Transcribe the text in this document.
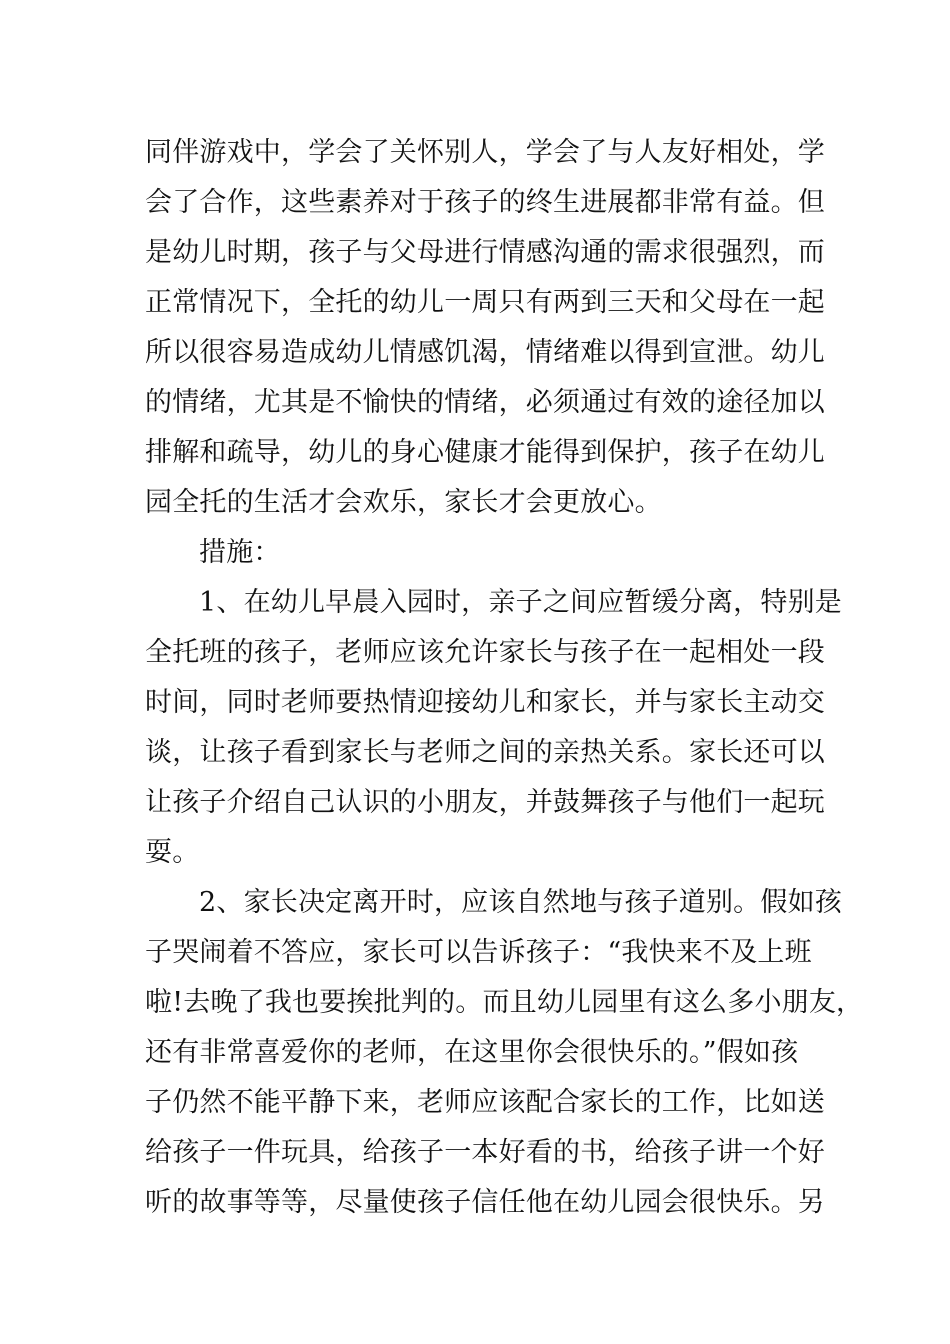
同伴游戏中，学会了关怀别人，学会了与人友好相处，学
会了合作，这些素养对于孩子的终生进展都非常有益。但
是幼儿时期，孩子与父母进行情感沟通的需求很强烈，而
正常情况下，全托的幼儿一周只有两到三天和父母在一起
所以很容易造成幼儿情感饥渴，情绪难以得到宣泄。幼儿
的情绪，尤其是不愉快的情绪，必须通过有效的途径加以
排解和疏导，幼儿的身心健康才能得到保护，孩子在幼儿
园全托的生活才会欢乐，家长才会更放心。
措施：
1、在幼儿早晨入园时，亲子之间应暂缓分离，特别是
全托班的孩子，老师应该允许家长与孩子在一起相处一段
时间，同时老师要热情迎接幼儿和家长，并与家长主动交
谈，让孩子看到家长与老师之间的亲热关系。家长还可以
让孩子介绍自己认识的小朋友，并鼓舞孩子与他们一起玩
耍。
2、家长决定离开时，应该自然地与孩子道别。假如孩
子哭闹着不答应，家长可以告诉孩子：“我快来不及上班
啦!去晚了我也要挨批判的。而且幼儿园里有这么多小朋友，
还有非常喜爱你的老师，在这里你会很快乐的。”假如孩
子仍然不能平静下来，老师应该配合家长的工作，比如送
给孩子一件玩具，给孩子一本好看的书，给孩子讲一个好
听的故事等等，尽量使孩子信任他在幼儿园会很快乐。另
